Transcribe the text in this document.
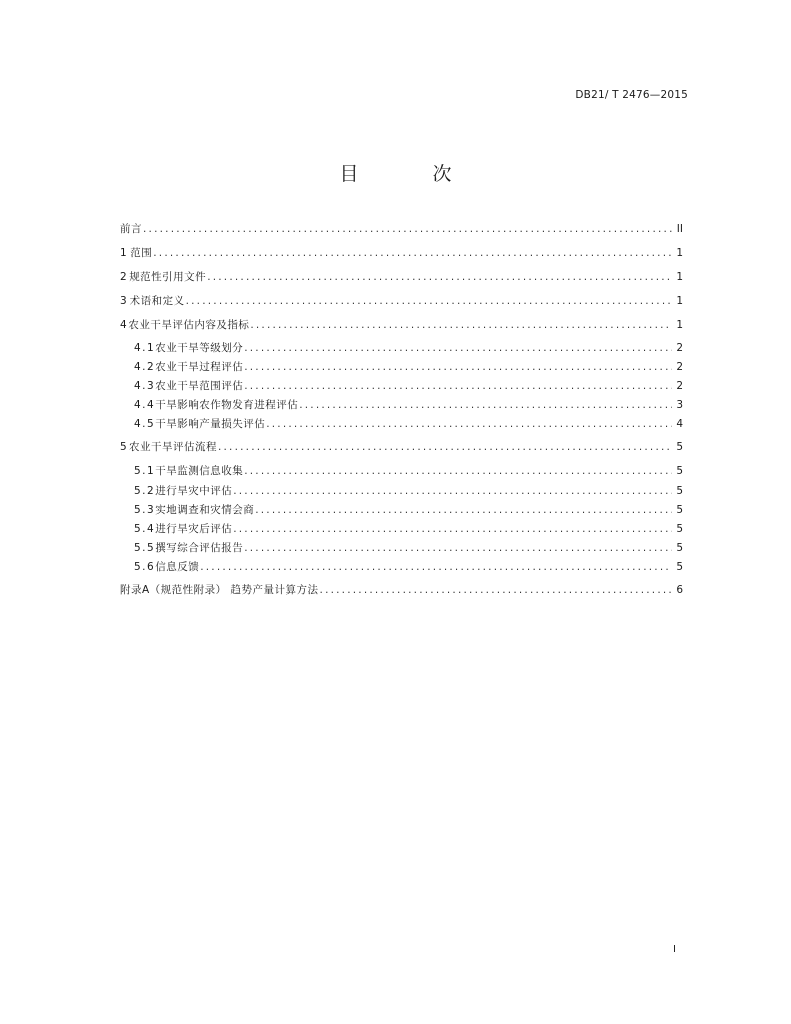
DB21/ T 2476—2015
目 次
前言 .....	II
1 范围 .....	1
2 规范性引用文件 .....	1
3 术语和定义 .....	1
4 农业干旱评估内容及指标 .....	1
4.1 农业干旱等级划分 .....	2
4.2 农业干旱过程评估 .....	2
4.3 农业干旱范围评估 .....	2
4.4 干旱影响农作物发育进程评估 .....	3
4.5 干旱影响产量损失评估 .....	4
5 农业干旱评估流程 .....	5
5.1 干旱监测信息收集 .....	5
5.2 进行旱灾中评估 .....	5
5.3 实地调查和灾情会商 .....	5
5.4 进行旱灾后评估 .....	5
5.5 撰写综合评估报告 .....	5
5.6 信息反馈 .....	5
附录A（规范性附录） 趋势产量计算方法 .....	6
I
